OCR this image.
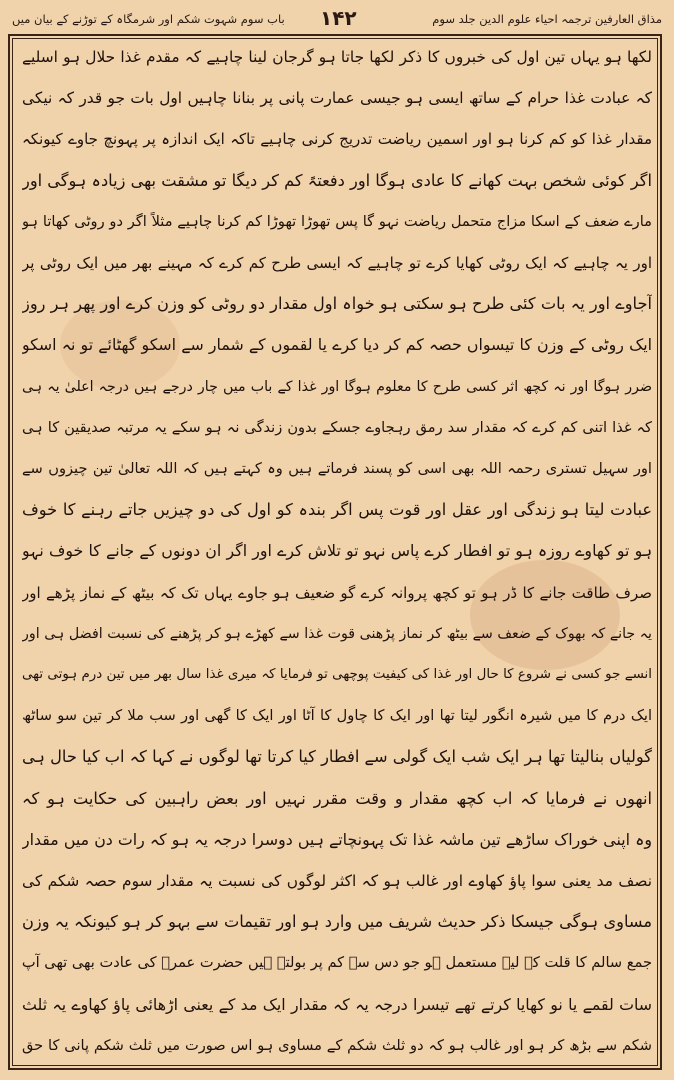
مذاق العارفین ترجمہ احیاء علوم الدین جلد سوم
۱۴۲
باب سوم شہوت شکم اور شرمگاہ کے توڑنے کے بیان میں
لکھا ہو یہاں تین اول کی خبروں کا ذکر لکھا جاتا ہو گرجان لینا چاہیے کہ مقدم غذا حلال ہو اسلیے
کہ عبادت غذا حرام کے ساتھ ایسی ہو جیسی عمارت پانی پر بنانا چاہیں اول بات جو قدر کہ نیکی
مقدار غذا کو کم کرنا ہو اور اسمین ریاضت تدریج کرنی چاہیے تاکہ ایک اندازہ پر پہونچ جاوے کیونکہ
اگر کوئی شخص بہت کھانے کا عادی ہوگا اور دفعتہً کم کر دیگا تو مشقت بھی زیادہ ہوگی اور
مارے ضعف کے اسکا مزاج متحمل ریاضت نہو گا پس تھوڑا تھوڑا کم کرنا چاہیے مثلاً اگر دو روٹی کھاتا ہو
اور یہ چاہیے کہ ایک روٹی کھایا کرے تو چاہیے کہ ایسی طرح کم کرے کہ مہینے بھر میں ایک روٹی پر
آجاوے اور یہ بات کئی طرح ہو سکتی ہو خواہ اول مقدار دو روٹی کو وزن کرے اور پھر ہر روز
ایک روٹی کے وزن کا تیسواں حصہ کم کر دیا کرے یا لقموں کے شمار سے اسکو گھٹائے تو نہ اسکو
ضرر ہوگا اور نہ کچھ اثر کسی طرح کا معلوم ہوگا اور غذا کے باب میں چار درجے ہیں درجہ اعلیٰ یہ ہی
کہ غذا اتنی کم کرے کہ مقدار سد رمق رہجاوے جسکے بدون زندگی نہ ہو سکے یہ مرتبہ صدیقین کا ہی
اور سہیل تستری رحمہ اللہ بھی اسی کو پسند فرماتے ہیں وہ کہتے ہیں کہ اللہ تعالیٰ تین چیزوں سے
عبادت لیتا ہو زندگی اور عقل اور قوت پس اگر بندہ کو اول کی دو چیزیں جاتے رہنے کا خوف
ہو تو کھاوے روزہ ہو تو افطار کرے پاس نہو تو تلاش کرے اور اگر ان دونوں کے جانے کا خوف نہو
صرف طاقت جانے کا ڈر ہو تو کچھ پروانہ کرے گو ضعیف ہو جاوے یہاں تک کہ بیٹھ کے نماز پڑھے اور
یہ جانے کہ بھوک کے ضعف سے بیٹھ کر نماز پڑھنی قوت غذا سے کھڑے ہو کر پڑھنے کی نسبت افضل ہی اور
انسے جو کسی نے شروع کا حال اور غذا کی کیفیت پوچھی تو فرمایا کہ میری غذا سال بھر میں تین درم ہوتی تھی
ایک درم کا میں شیرہ انگور لیتا تھا اور ایک کا چاول کا آٹا اور ایک کا گھی اور سب ملا کر تین سو ساٹھ
گولیاں بنالیتا تھا ہر ایک شب ایک گولی سے افطار کیا کرتا تھا لوگوں نے کہا کہ اب کیا حال ہی
انھوں نے فرمایا کہ اب کچھ مقدار و وقت مقرر نہیں اور بعض راہبین کی حکایت ہو کہ
وہ اپنی خوراک ساڑھے تین ماشہ غذا تک پہونچاتے ہیں دوسرا درجہ یہ ہو کہ رات دن میں مقدار
نصف مد یعنی سوا پاؤ کھاوے اور غالب ہو کہ اکثر لوگوں کی نسبت یہ مقدار سوم حصہ شکم کی
مساوی ہوگی جیسکا ذکر حدیث شریف میں وارد ہو اور تقیمات سے بہو کر ہو کیونکہ یہ وزن
جمع سالم کا قلت کے لیے مستعمل ہو جو دس سے کم پر بولتے ہیں حضرت عمرؓ کی عادت بھی تھی آپ
سات لقمے یا نو کھایا کرتے تھے تیسرا درجہ یہ کہ مقدار ایک مد کے یعنی اڑھائی پاؤ کھاوے یہ ثلث
شکم سے بڑھ کر ہو اور غالب ہو کہ دو ثلث شکم کے مساوی ہو اس صورت میں ثلث شکم پانی کا حق
